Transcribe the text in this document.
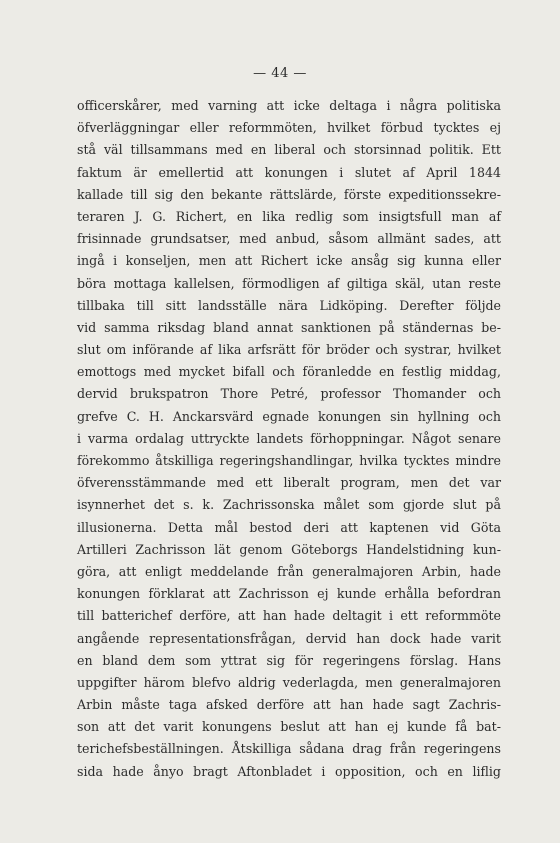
— 44 —
officerskårer, med varning att icke deltaga i några politiska
öfverläggningar eller reformmöten, hvilket förbud tycktes ej
stå väl tillsammans med en liberal och storsinnad politik. Ett
faktum är emellertid att konungen i slutet af April 1844
kallade till sig den bekante rättslärde, förste expeditionssekre-
teraren J. G. Richert, en lika redlig som insigtsfull man af
frisinnade grundsatser, med anbud, såsom allmänt sades, att
ingå i konseljen, men att Richert icke ansåg sig kunna eller
böra mottaga kallelsen, förmodligen af giltiga skäl, utan reste
tillbaka till sitt landsställe nära Lidköping. Derefter följde
vid samma riksdag bland annat sanktionen på ständernas be-
slut om införande af lika arfsrätt för bröder och systrar, hvilket
emottogs med mycket bifall och föranledde en festlig middag,
dervid brukspatron Thore Petré, professor Thomander och
grefve C. H. Anckarsvärd egnade konungen sin hyllning och
i varma ordalag uttryckte landets förhoppningar. Något senare
förekommo åtskilliga regeringshandlingar, hvilka tycktes mindre
öfverensstämmande med ett liberalt program, men det var
isynnerhet det s. k. Zachrissonska målet som gjorde slut på
illusionerna. Detta mål bestod deri att kaptenen vid Göta
Artilleri Zachrisson lät genom Göteborgs Handelstidning kun-
göra, att enligt meddelande från generalmajoren Arbin, hade
konungen förklarat att Zachrisson ej kunde erhålla befordran
till batterichef derföre, att han hade deltagit i ett reformmöte
angående representationsfrågan, dervid han dock hade varit
en bland dem som yttrat sig för regeringens förslag. Hans
uppgifter härom blefvo aldrig vederlagda, men generalmajoren
Arbin måste taga afsked derföre att han hade sagt Zachris-
son att det varit konungens beslut att han ej kunde få bat-
terichefsbeställningen. Åtskilliga sådana drag från regeringens
sida hade ånyo bragt Aftonbladet i opposition, och en liflig
